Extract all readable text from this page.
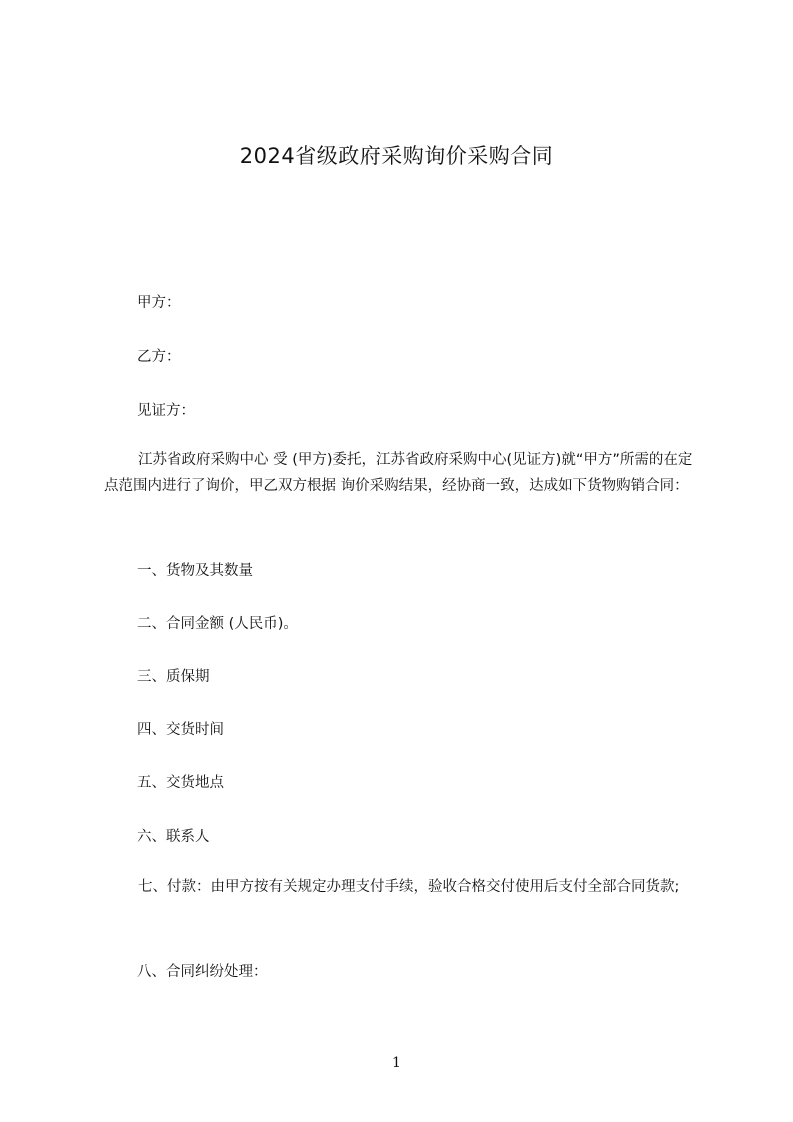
2024省级政府采购询价采购合同
甲方：
乙方：
见证方：

江苏省政府采购中心 受 (甲方)委托，江苏省政府采购中心(见证方)就“甲方”所需的在定点范围内进行了询价，甲乙双方根据 询价采购结果，经协商一致，达成如下货物购销合同：

一、货物及其数量
二、合同金额 (人民币)。
三、质保期
四、交货时间
五、交货地点
六、联系人

七、付款：由甲方按有关规定办理支付手续，验收合格交付使用后支付全部合同货款;

八、合同纠纷处理：
1
